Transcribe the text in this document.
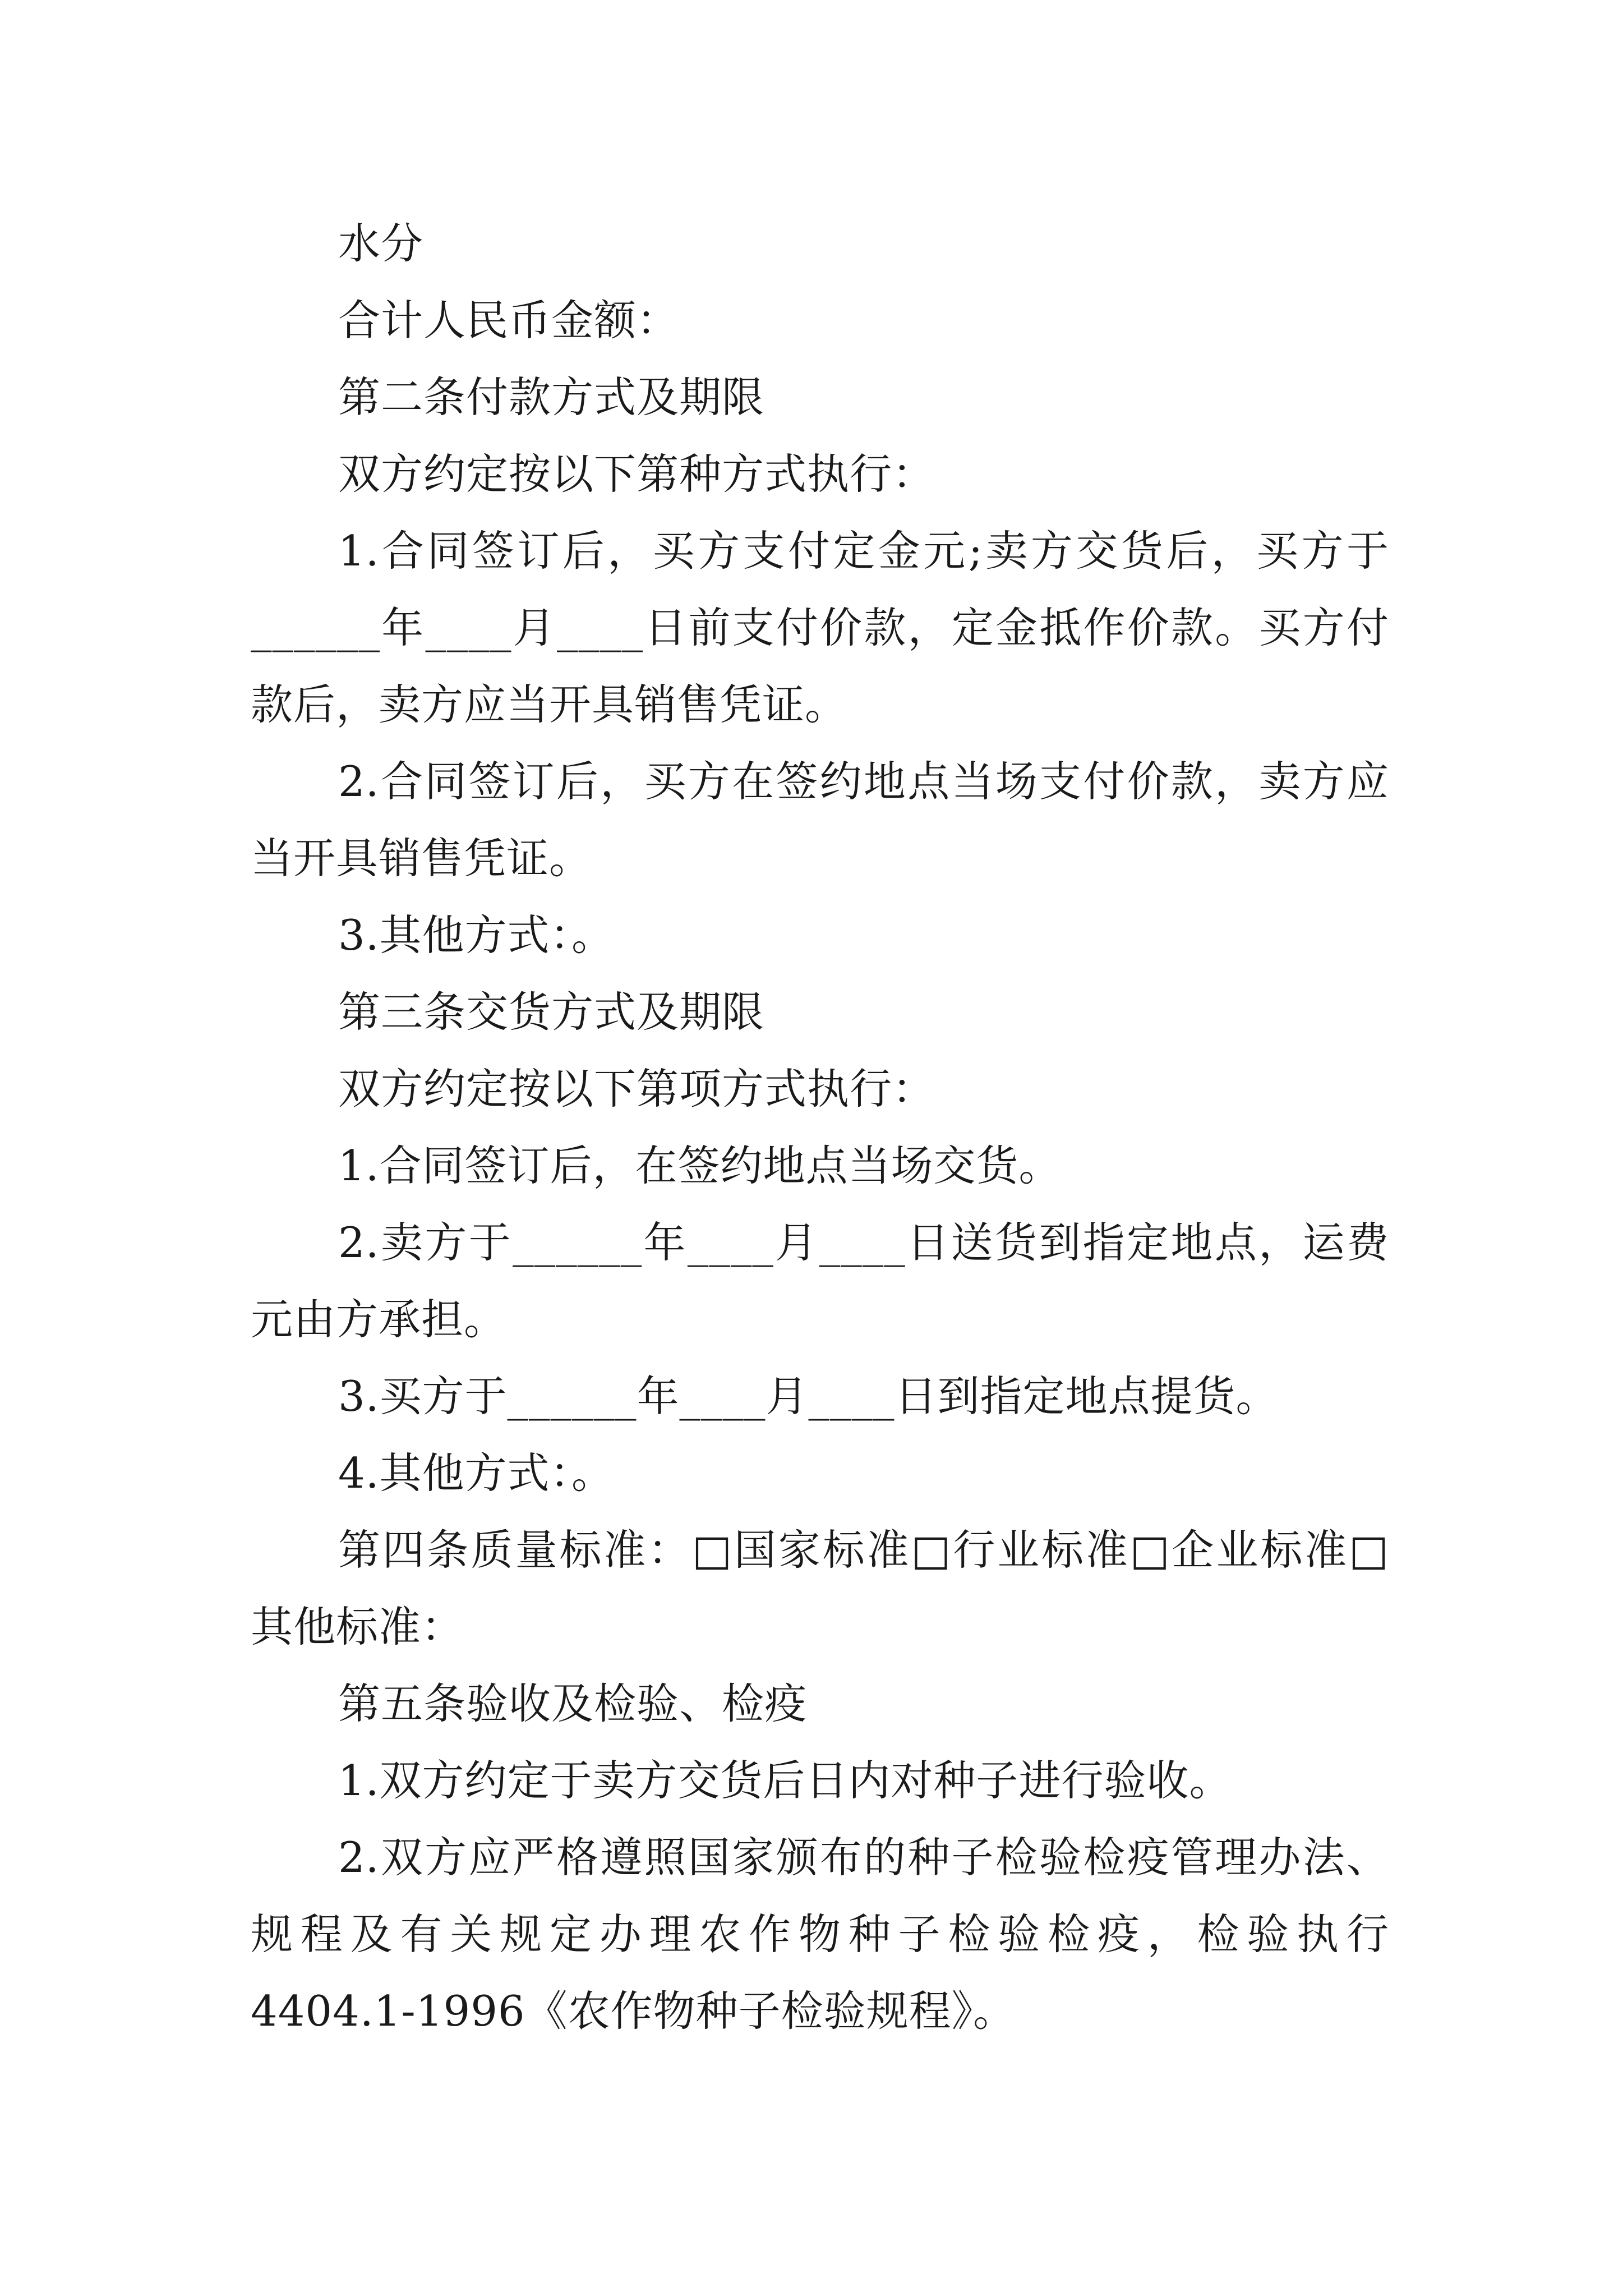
水分
合计人民币金额：
第二条付款方式及期限
双方约定按以下第种方式执行：
1.合同签订后，买方支付定金元;卖方交货后，买方于
______年____月____日前支付价款，定金抵作价款。买方付
款后，卖方应当开具销售凭证。
2.合同签订后，买方在签约地点当场支付价款，卖方应
当开具销售凭证。
3.其他方式：。
第三条交货方式及期限
双方约定按以下第项方式执行：
1.合同签订后，在签约地点当场交货。
2.卖方于______年____月____日送货到指定地点，运费
元由方承担。
3.买方于______年____月____日到指定地点提货。
4.其他方式：。
第四条质量标准：□国家标准□行业标准□企业标准□
其他标准：
第五条验收及检验、检疫
1.双方约定于卖方交货后日内对种子进行验收。
2.双方应严格遵照国家颁布的种子检验检疫管理办法、
规程及有关规定办理农作物种子检验检疫，检验执行
4404.1-1996《农作物种子检验规程》。
